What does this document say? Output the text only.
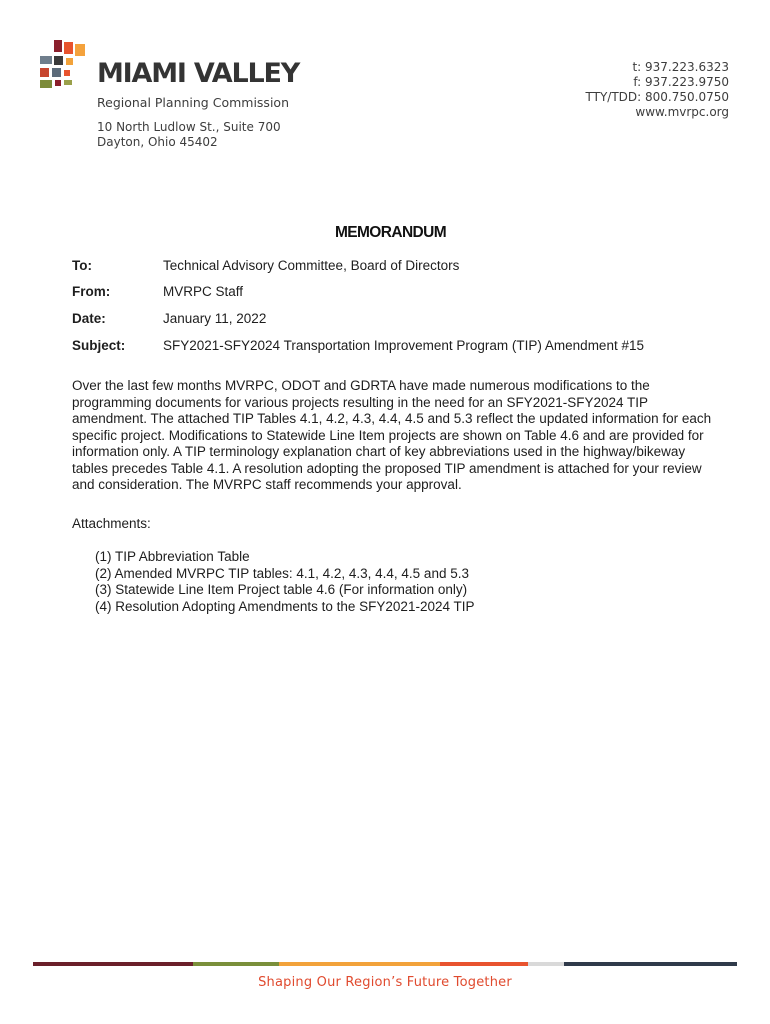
MIAMI VALLEY
Regional Planning Commission
10 North Ludlow St., Suite 700
Dayton, Ohio 45402
t: 937.223.6323
f: 937.223.9750
TTY/TDD: 800.750.0750
www.mvrpc.org
MEMORANDUM
To:	Technical Advisory Committee, Board of Directors
From:	MVRPC Staff
Date:	January 11, 2022
Subject:	SFY2021-SFY2024 Transportation Improvement Program (TIP) Amendment #15
Over the last few months MVRPC, ODOT and GDRTA have made numerous modifications to the programming documents for various projects resulting in the need for an SFY2021-SFY2024 TIP amendment. The attached TIP Tables 4.1, 4.2, 4.3, 4.4, 4.5 and 5.3 reflect the updated information for each specific project. Modifications to Statewide Line Item projects are shown on Table 4.6 and are provided for information only. A TIP terminology explanation chart of key abbreviations used in the highway/bikeway tables precedes Table 4.1. A resolution adopting the proposed TIP amendment is attached for your review and consideration. The MVRPC staff recommends your approval.
Attachments:
(1) TIP Abbreviation Table
(2) Amended MVRPC TIP tables: 4.1, 4.2, 4.3, 4.4, 4.5 and 5.3
(3) Statewide Line Item Project table 4.6 (For information only)
(4) Resolution Adopting Amendments to the SFY2021-2024 TIP
Shaping Our Region’s Future Together
